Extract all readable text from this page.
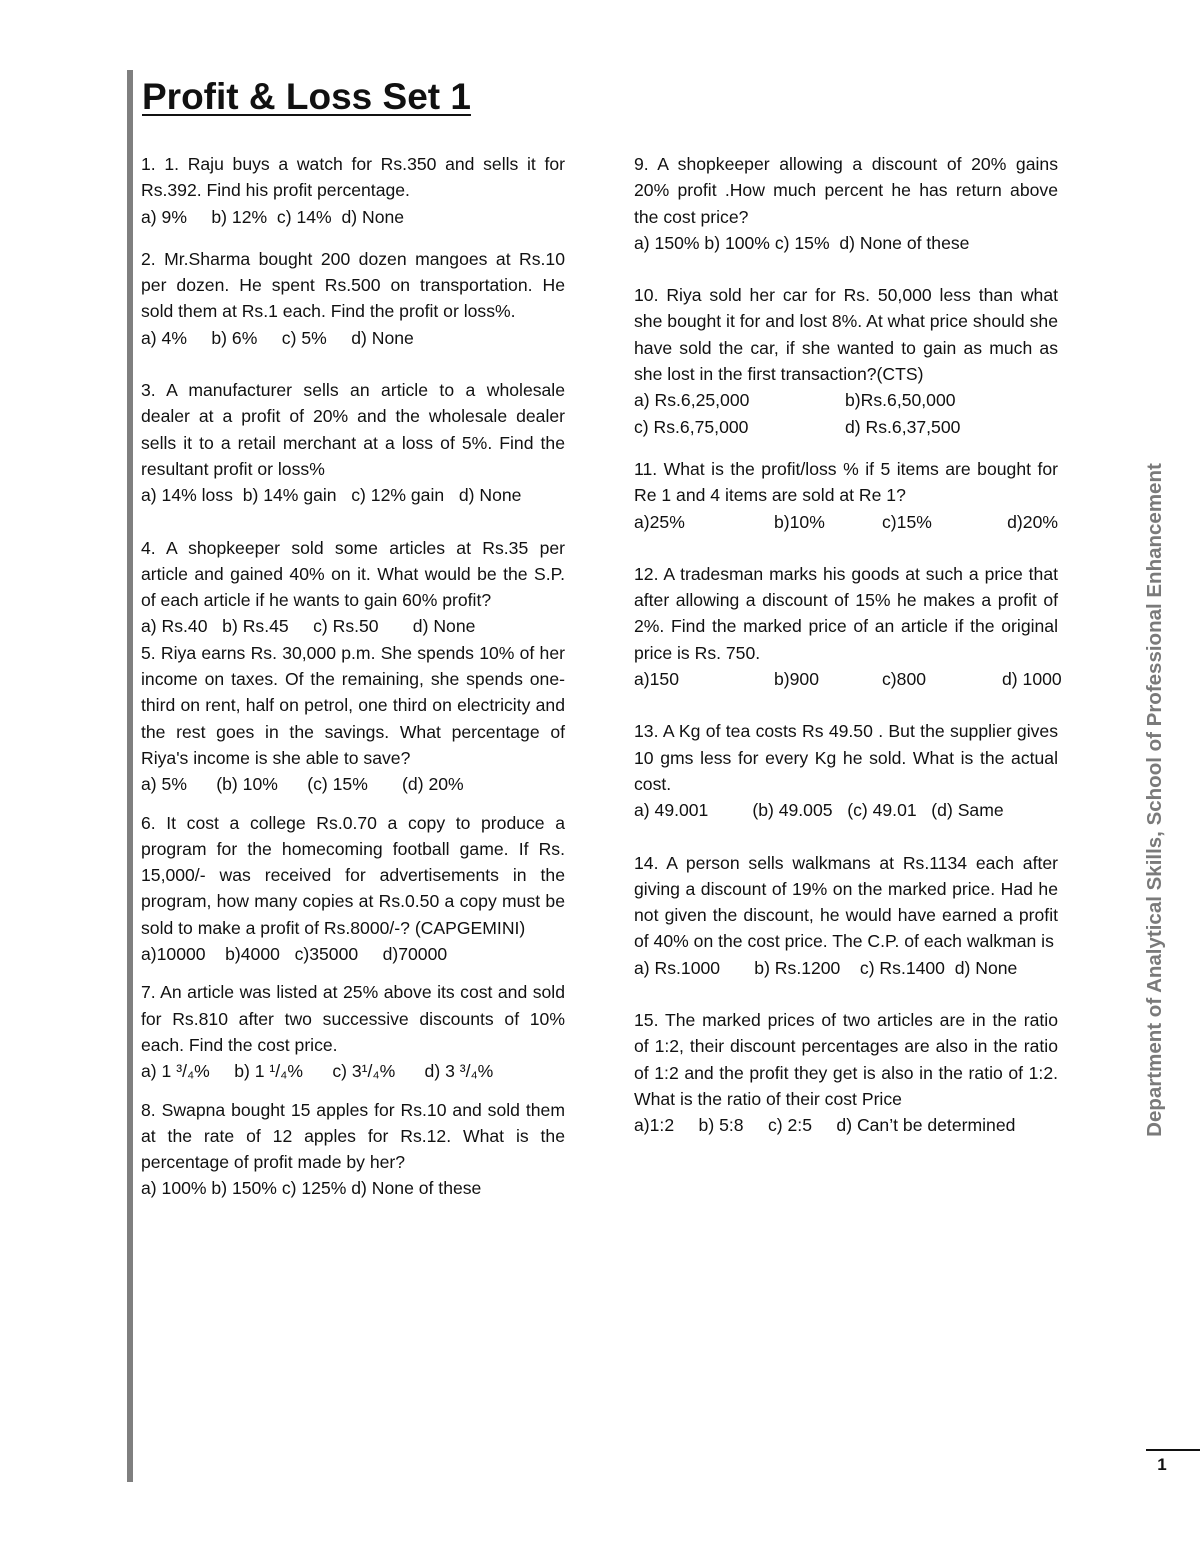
Profit & Loss Set 1

1. 1. Raju buys a watch for Rs.350 and sells it for Rs.392. Find his profit percentage.

a) 9%     b) 12%  c) 14%  d) None

2. Mr.Sharma bought 200 dozen mangoes at Rs.10 per dozen. He spent Rs.500 on transportation. He sold them at Rs.1 each. Find the profit or loss%.

a) 4%     b) 6%     c) 5%     d) None

3. A manufacturer sells an article to a wholesale dealer at a profit of 20% and the wholesale dealer sells it to a retail merchant at a loss of 5%. Find the resultant profit or loss%

a) 14% loss  b) 14% gain   c) 12% gain   d) None

4. A shopkeeper sold some articles at Rs.35 per article and gained 40% on it. What would be the S.P. of each article if he wants to gain 60% profit?

a) Rs.40   b) Rs.45     c) Rs.50       d) None

5. Riya earns Rs. 30,000 p.m. She spends 10% of her income on taxes. Of the remaining, she spends one-third on rent, half on petrol, one third on electricity and the rest goes in the savings. What percentage of Riya's income is she able to save?

a) 5%      (b) 10%      (c) 15%       (d) 20%

6. It cost a college Rs.0.70 a copy to produce a program for the homecoming football game. If Rs. 15,000/- was received for advertisements in the program, how many copies at Rs.0.50 a copy must be sold to make a profit of Rs.8000/-? (CAPGEMINI)

a)10000    b)4000   c)35000     d)70000

7. An article was listed at 25% above its cost and sold for Rs.810 after two successive discounts of 10% each. Find the cost price.

a) 1 ³/₄%     b) 1 ¹/₄%      c) 3¹/₄%      d) 3 ³/₄%

8. Swapna bought 15 apples for Rs.10 and sold them at the rate of 12 apples for Rs.12. What is the percentage of profit made by her?

a) 100% b) 150% c) 125% d) None of these

9. A shopkeeper allowing a discount of 20% gains 20% profit .How much percent he has return above the cost price?

a) 150% b) 100% c) 15%  d) None of these

10. Riya sold her car for Rs. 50,000 less than what she bought it for and lost 8%. At what price should she have sold the car, if she wanted to gain as much as she lost in the first transaction?(CTS)

a) Rs.6,25,000	b)Rs.6,50,000
c) Rs.6,75,000	d) Rs.6,37,500

11. What is the profit/loss % if 5 items are bought for Re 1 and 4 items are sold at Re 1?

a)25%	b)10%	c)15%	d)20%

12. A tradesman marks his goods at such a price that after allowing a discount of 15% he makes a profit of 2%. Find the marked price of an article if the original price is Rs. 750.

a)150	b)900	c)800	d) 1000

13. A Kg of tea costs Rs 49.50 . But the supplier gives 10 gms less for every Kg he sold. What is the actual cost.

a) 49.001         (b) 49.005   (c) 49.01   (d) Same

14. A person sells walkmans at Rs.1134 each after giving a discount of 19% on the marked price. Had he not given the discount, he would have earned a profit of 40% on the cost price. The C.P. of each walkman is

a) Rs.1000       b) Rs.1200    c) Rs.1400  d) None

15. The marked prices of two articles are in the ratio of 1:2, their discount percentages are also in the ratio of 1:2 and the profit they get is also in the ratio of 1:2. What is the ratio of their cost Price

a)1:2     b) 5:8     c) 2:5     d) Can’t be determined	Department of Analytical Skills, School of Professional Enhancement
1
